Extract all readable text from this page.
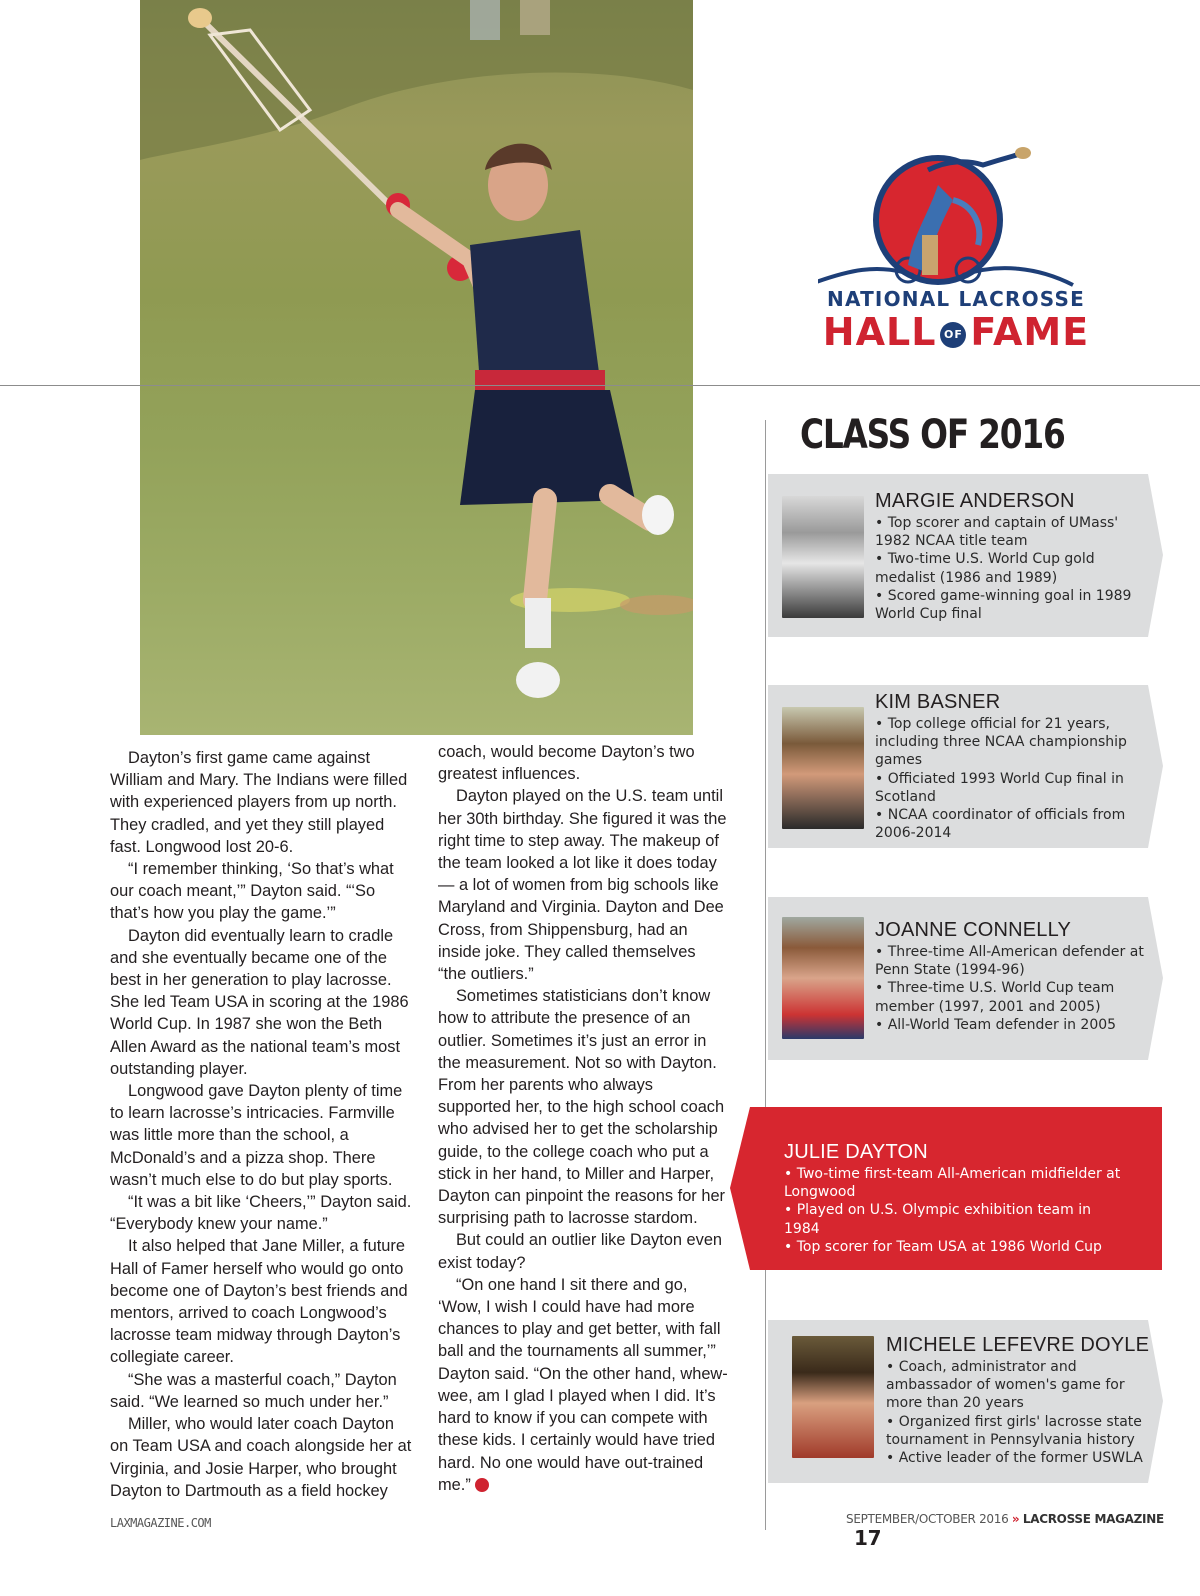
NATIONAL LACROSSE
HALL OF FAME
CLASS OF 2016

MARGIE ANDERSON

• Top scorer and captain of UMass' 1982 NCAA title team
• Two-time U.S. World Cup gold medalist (1986 and 1989)
• Scored game-winning goal in 1989 World Cup final

KIM BASNER

• Top college official for 21 years, including three NCAA championship games
• Officiated 1993 World Cup final in Scotland
• NCAA coordinator of officials from 2006-2014

JOANNE CONNELLY

• Three-time All-American defender at Penn State (1994-96)
• Three-time U.S. World Cup team member (1997, 2001 and 2005)
• All-World Team defender in 2005

JULIE DAYTON

• Two-time first-team All-American midfielder at Longwood
• Played on U.S. Olympic exhibition team in 1984
• Top scorer for Team USA at 1986 World Cup

MICHELE LEFEVRE DOYLE

• Coach, administrator and ambassador of women's game for more than 20 years
• Organized first girls' lacrosse state tournament in Pennsylvania history
• Active leader of the former USWLA

Dayton’s first game came against William and Mary. The Indians were filled with experienced players from up north. They cradled, and yet they still played fast. Longwood lost 20-6.

“I remember thinking, ‘So that’s what our coach meant,’” Dayton said. “‘So that’s how you play the game.’”

Dayton did eventually learn to cradle and she eventually became one of the best in her generation to play lacrosse. She led Team USA in scoring at the 1986 World Cup. In 1987 she won the Beth Allen Award as the national team’s most outstanding player.

Longwood gave Dayton plenty of time to learn lacrosse’s intricacies. Farmville was little more than the school, a McDonald’s and a pizza shop. There wasn’t much else to do but play sports.

“It was a bit like ‘Cheers,’” Dayton said. “Everybody knew your name.”

It also helped that Jane Miller, a future Hall of Famer herself who would go onto become one of Dayton’s best friends and mentors, arrived to coach Longwood’s lacrosse team midway through Dayton’s collegiate career.

“She was a masterful coach,” Dayton said. “We learned so much under her.”

Miller, who would later coach Dayton on Team USA and coach alongside her at Virginia, and Josie Harper, who brought Dayton to Dartmouth as a field hockey

coach, would become Dayton’s two greatest influences.

Dayton played on the U.S. team until her 30th birthday. She figured it was the right time to step away. The makeup of the team looked a lot like it does today — a lot of women from big schools like Maryland and Virginia. Dayton and Dee Cross, from Shippensburg, had an inside joke. They called themselves “the outliers.”

Sometimes statisticians don’t know how to attribute the presence of an outlier. Sometimes it’s just an error in the measurement. Not so with Dayton. From her parents who always supported her, to the high school coach who advised her to get the scholarship guide, to the college coach who put a stick in her hand, to Miller and Harper, Dayton can pinpoint the reasons for her surprising path to lacrosse stardom.

But could an outlier like Dayton even exist today?

“On one hand I sit there and go, ‘Wow, I wish I could have had more chances to play and get better, with fall ball and the tournaments all summer,’” Dayton said. “On the other hand, whew-wee, am I glad I played when I did. It’s hard to know if you can compete with these kids. I certainly would have tried hard. No one would have out-trained me.”

LAXMAGAZINE.COM	SEPTEMBER/OCTOBER 2016 » LACROSSE MAGAZINE 17
